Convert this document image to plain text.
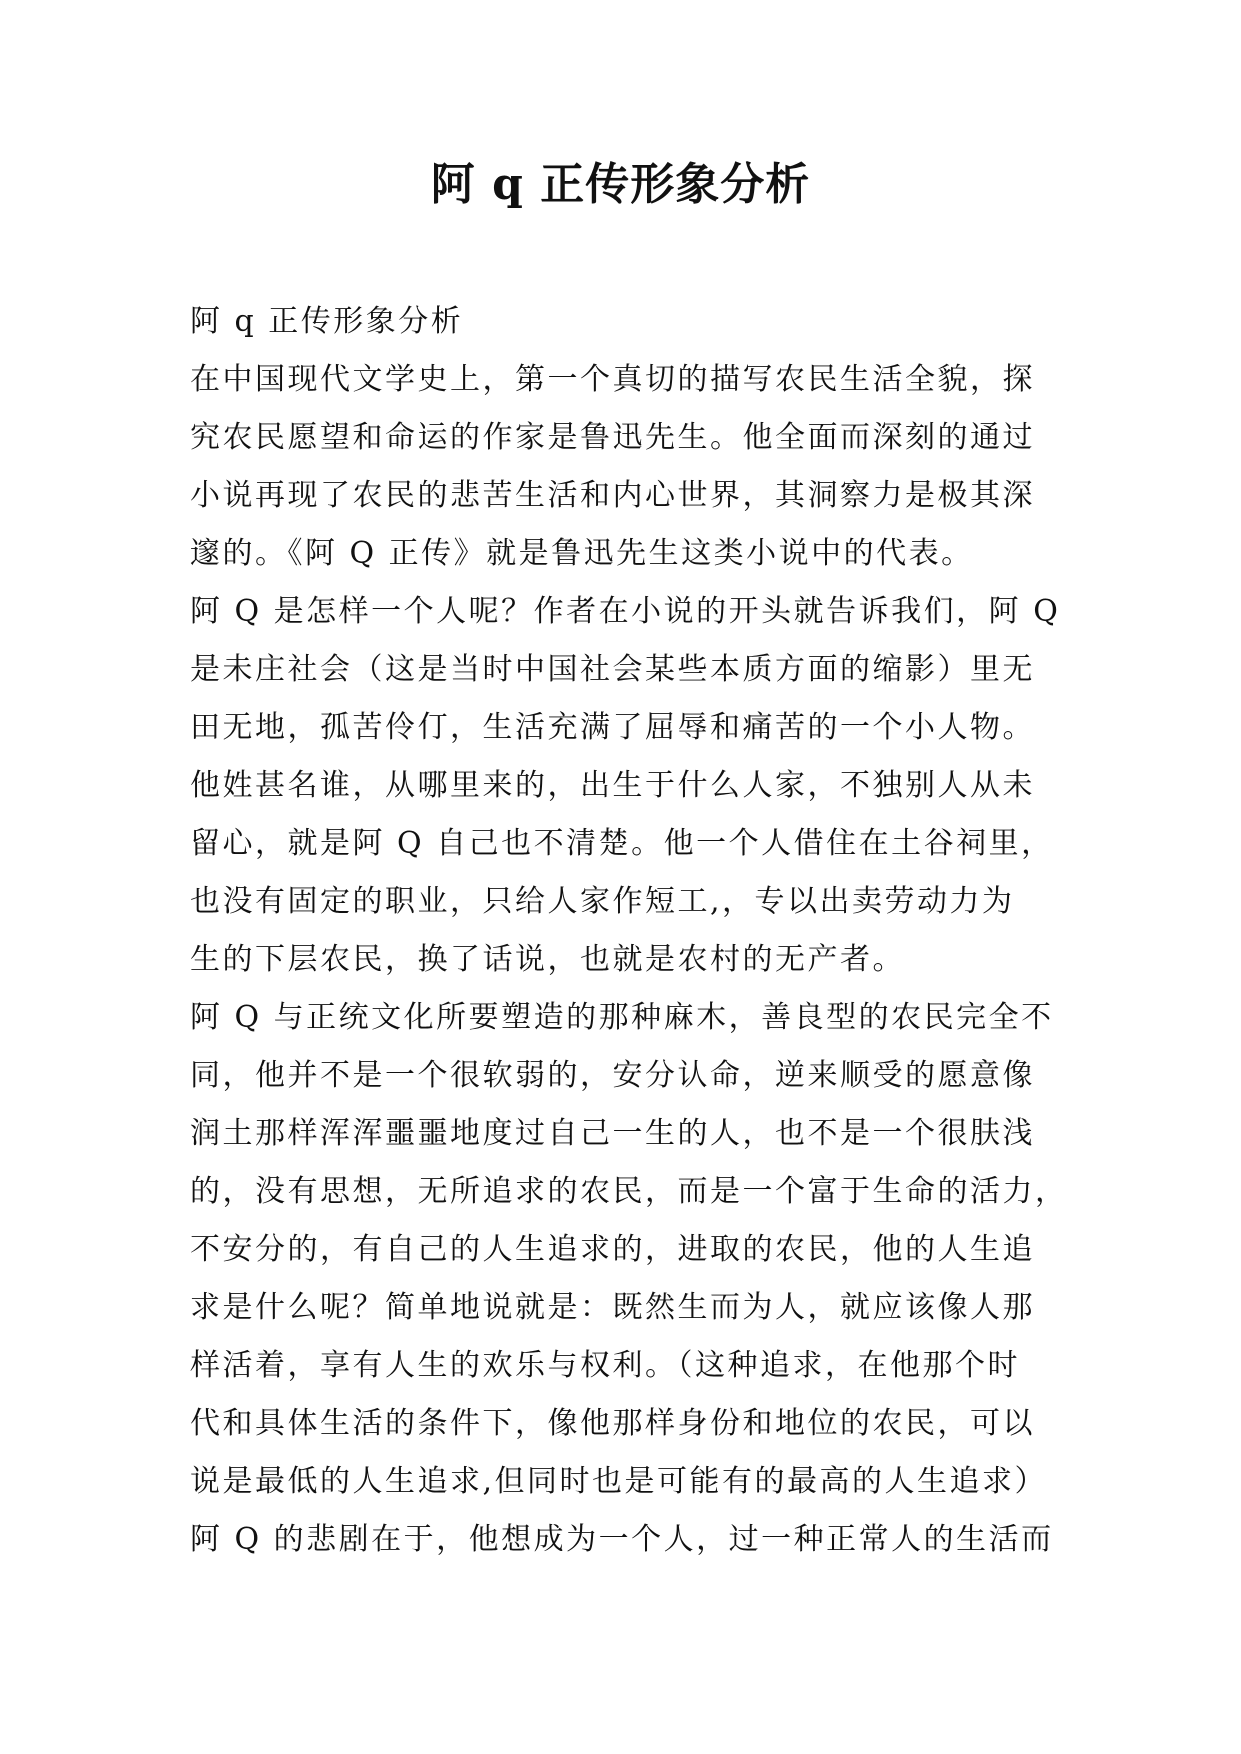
阿 q 正传形象分析
阿 q 正传形象分析
在中国现代文学史上，第一个真切的描写农民生活全貌，探
究农民愿望和命运的作家是鲁迅先生。他全面而深刻的通过
小说再现了农民的悲苦生活和内心世界，其洞察力是极其深
邃的。《阿 Q 正传》就是鲁迅先生这类小说中的代表。
阿 Q 是怎样一个人呢？作者在小说的开头就告诉我们，阿 Q
是未庄社会（这是当时中国社会某些本质方面的缩影）里无
田无地，孤苦伶仃，生活充满了屈辱和痛苦的一个小人物。
他姓甚名谁，从哪里来的，出生于什么人家，不独别人从未
留心，就是阿 Q 自己也不清楚。他一个人借住在土谷祠里，
也没有固定的职业，只给人家作短工,，专以出卖劳动力为
生的下层农民，换了话说，也就是农村的无产者。
阿 Q 与正统文化所要塑造的那种麻木，善良型的农民完全不
同，他并不是一个很软弱的，安分认命，逆来顺受的愿意像
润土那样浑浑噩噩地度过自己一生的人，也不是一个很肤浅
的，没有思想，无所追求的农民，而是一个富于生命的活力，
不安分的，有自己的人生追求的，进取的农民，他的人生追
求是什么呢？简单地说就是：既然生而为人，就应该像人那
样活着，享有人生的欢乐与权利。（这种追求，在他那个时
代和具体生活的条件下，像他那样身份和地位的农民，可以
说是最低的人生追求,但同时也是可能有的最高的人生追求）
阿 Q 的悲剧在于，他想成为一个人，过一种正常人的生活而
